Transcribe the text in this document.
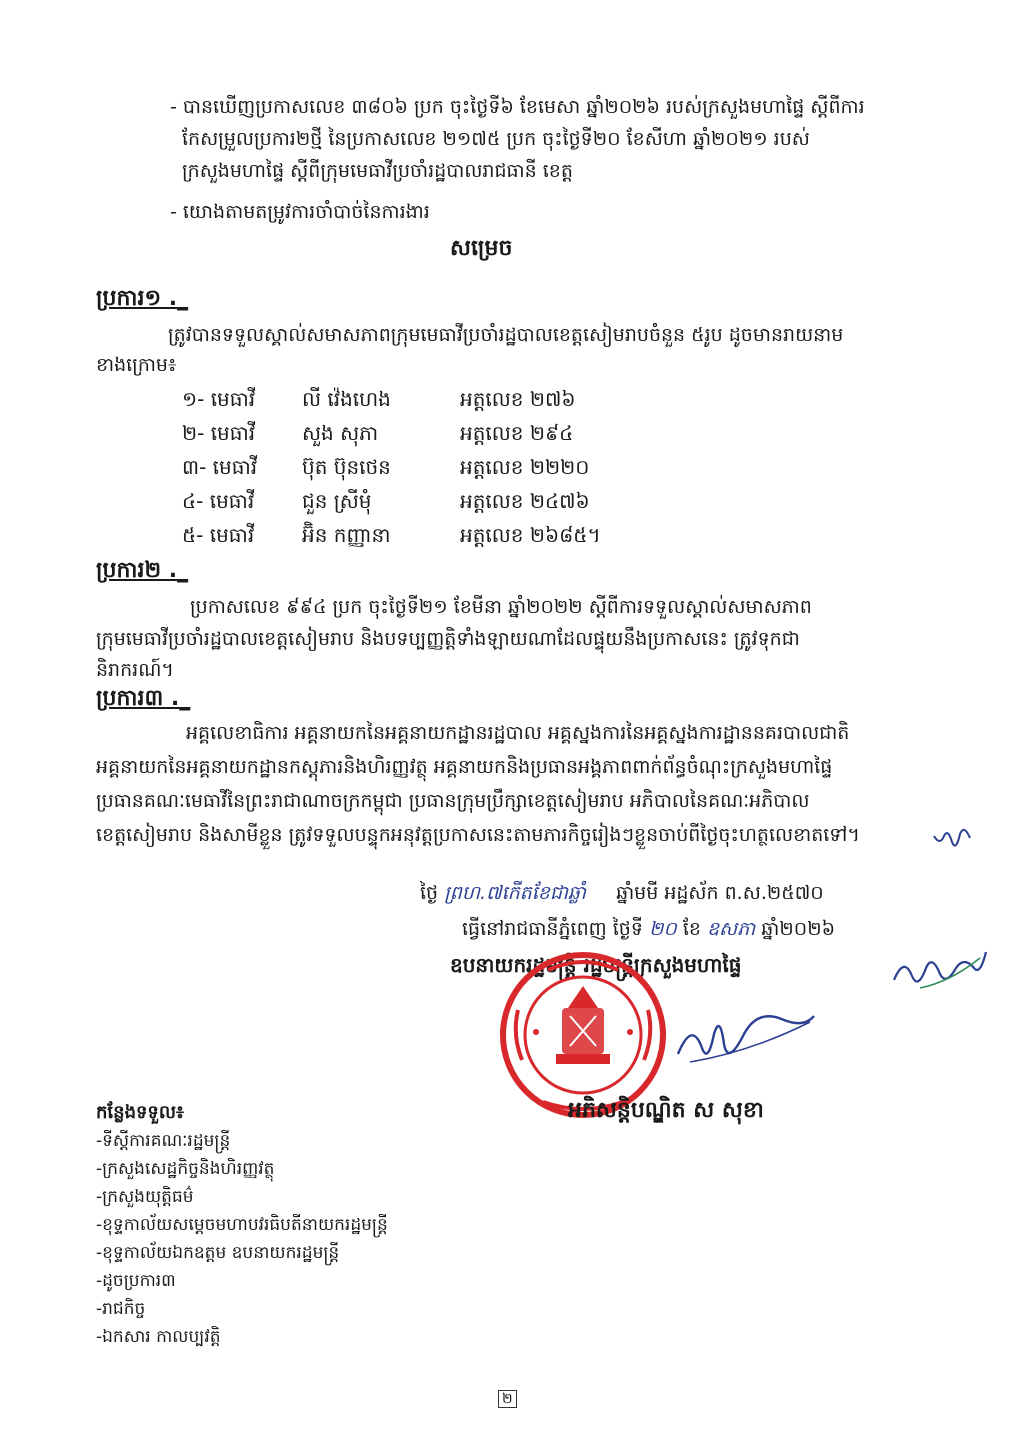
- បានឃើញប្រកាសលេខ ៣៨០៦ ប្រក ចុះថ្ងៃទី៦ ខែមេសា ឆ្នាំ២០២៦ របស់ក្រសួងមហាផ្ទៃ ស្ដីពីការ
កែសម្រួលប្រការ២ថ្មី នៃប្រកាសលេខ ២១៧៥ ប្រក ចុះថ្ងៃទី២០ ខែសីហា ឆ្នាំ២០២១ របស់
ក្រសួងមហាផ្ទៃ ស្ដីពីក្រុមមេធាវីប្រចាំរដ្ឋបាលរាជធានី ខេត្ត
- យោងតាមតម្រូវការចាំបាច់នៃការងារ
សម្រេច
ប្រការ១ ._
ត្រូវបានទទួលស្គាល់សមាសភាពក្រុមមេធាវីប្រចាំរដ្ឋបាលខេត្តសៀមរាបចំនួន ៥រូប ដូចមានរាយនាម
ខាងក្រោម៖
១- មេធាវី លី វ៉េងហេង	អត្តលេខ ២៧៦
២- មេធាវី សួង សុភា	អត្តលេខ ២៩៤
៣- មេធាវី ប៊ុត ប៊ុនថេន	អត្តលេខ ២២២០
៤- មេធាវី ជួន ស្រីមុំ	អត្តលេខ ២៤៧៦
៥- មេធាវី អ៊ិន កញ្ញានា	អត្តលេខ ២៦៨៥។
ប្រការ២ ._
ប្រកាសលេខ ៩៩៤ ប្រក ចុះថ្ងៃទី២១ ខែមីនា ឆ្នាំ២០២២ ស្ដីពីការទទួលស្គាល់សមាសភាព
ក្រុមមេធាវីប្រចាំរដ្ឋបាលខេត្តសៀមរាប និងបទប្បញ្ញត្តិទាំងឡាយណាដែលផ្ទុយនឹងប្រកាសនេះ ត្រូវទុកជា
និរាករណ៍។
ប្រការ៣ ._
អគ្គលេខាធិការ អគ្គនាយកនៃអគ្គនាយកដ្ឋានរដ្ឋបាល អគ្គស្នងការនៃអគ្គស្នងការដ្ឋាននគរបាលជាតិ
អគ្គនាយកនៃអគ្គនាយកដ្ឋានកស្តុភារនិងហិរញ្ញវត្ថុ អគ្គនាយកនិងប្រធានអង្គភាពពាក់ព័ន្ធចំណុះក្រសួងមហាផ្ទៃ
ប្រធានគណៈមេធាវីនៃព្រះរាជាណាចក្រកម្ពុជា ប្រធានក្រុមប្រឹក្សាខេត្តសៀមរាប អភិបាលនៃគណៈអភិបាល
ខេត្តសៀមរាប និងសាមីខ្លួន ត្រូវទទួលបន្ទុកអនុវត្តប្រកាសនេះតាមភារកិច្ចរៀងៗខ្លួនចាប់ពីថ្ងៃចុះហត្ថលេខាតទៅ។
ថ្ងៃ ព្រហ.៧កើតខែជាឆ្លាំ ឆ្នាំមមី អដ្ឋស័ក ព.ស.២៥៧០
ធ្វើនៅរាជធានីភ្នំពេញ ថ្ងៃទី ២០ ខែ ឧសភា ឆ្នាំ២០២៦
ឧបនាយករដ្ឋមន្ត្រី រដ្ឋមន្ត្រីក្រសួងមហាផ្ទៃ
អភិសន្តិបណ្ឌិត ស សុខា
កន្លែងទទួល៖
-ទីស្តីការគណៈរដ្ឋមន្ត្រី
-ក្រសួងសេដ្ឋកិច្ចនិងហិរញ្ញវត្ថុ
-ក្រសួងយុត្តិធម៌
-ខុទ្ទកាល័យសម្ដេចមហាបវរធិបតីនាយករដ្ឋមន្ត្រី
-ខុទ្ទកាល័យឯកឧត្តម ឧបនាយករដ្ឋមន្ត្រី
-ដូចប្រការ៣
-រាជកិច្ច
-ឯកសារ កាលប្បវត្តិ
២
